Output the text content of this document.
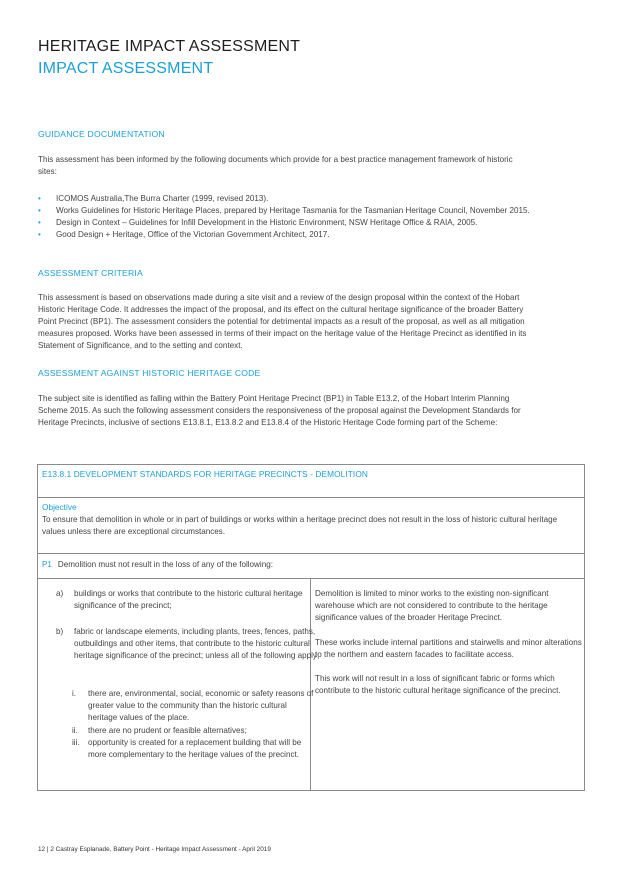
HERITAGE IMPACT ASSESSMENT
IMPACT ASSESSMENT
GUIDANCE DOCUMENTATION

This assessment has been informed by the following documents which provide for a best practice management framework of historic sites:

• ICOMOS Australia,The Burra Charter (1999, revised 2013).
• Works Guidelines for Historic Heritage Places, prepared by Heritage Tasmania for the Tasmanian Heritage Council, November 2015.
• Design in Context – Guidelines for Infill Development in the Historic Environment, NSW Heritage Office & RAIA, 2005.
• Good Design + Heritage, Office of the Victorian Government Architect, 2017.
ASSESSMENT CRITERIA

This assessment is based on observations made during a site visit and a review of the design proposal within the context of the Hobart Historic Heritage Code. It addresses the impact of the proposal, and its effect on the cultural heritage significance of the broader Battery Point Precinct (BP1). The assessment considers the potential for detrimental impacts as a result of the proposal, as well as all mitigation measures proposed. Works have been assessed in terms of their impact on the heritage value of the Heritage Precinct as identified in its Statement of Significance, and to the setting and context.

ASSESSMENT AGAINST HISTORIC HERITAGE CODE

The subject site is identified as falling within the Battery Point Heritage Precinct (BP1) in Table E13.2, of the Hobart Interim Planning Scheme 2015. As such the following assessment considers the responsiveness of the proposal against the Development Standards for Heritage Precincts, inclusive of sections E13.8.1, E13.8.2 and E13.8.4 of the Historic Heritage Code forming part of the Scheme:

E13.8.1 DEVELOPMENT STANDARDS FOR HERITAGE PRECINCTS - DEMOLITION
Objective

To ensure that demolition in whole or in part of buildings or works within a heritage precinct does not result in the loss of historic cultural heritage values unless there are exceptional circumstances.

P1 Demolition must not result in the loss of any of the following:
a) buildings or works that contribute to the historic cultural heritage significance of the precinct;
b) fabric or landscape elements, including plants, trees, fences, paths, outbuildings and other items, that contribute to the historic cultural heritage significance of the precinct; unless all of the following apply;
i. there are, environmental, social, economic or safety reasons of greater value to the community than the historic cultural heritage values of the place.
ii. there are no prudent or feasible alternatives;
iii. opportunity is created for a replacement building that will be more complementary to the heritage values of the precinct.

Demolition is limited to minor works to the existing non-significant warehouse which are not considered to contribute to the heritage significance values of the broader Heritage Precinct.

These works include internal partitions and stairwells and minor alterations to the northern and eastern facades to facilitate access.

This work will not result in a loss of significant fabric or forms which contribute to the historic cultural heritage significance of the precinct.

12 | 2 Castray Esplanade, Battery Point - Heritage Impact Assessment - April 2019
